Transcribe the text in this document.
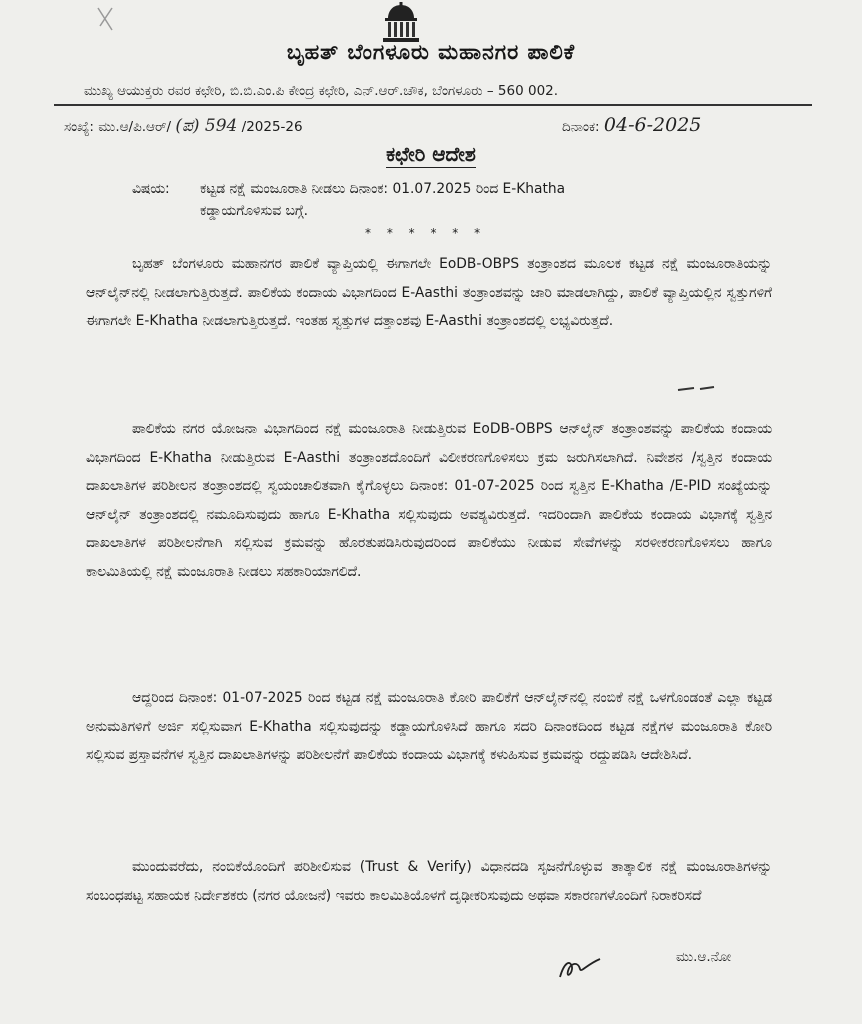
ಬೃಹತ್ ಬೆಂಗಳೂರು ಮಹಾನಗರ ಪಾಲಿಕೆ
ಮುಖ್ಯ ಆಯುಕ್ತರು ರವರ ಕಛೇರಿ, ಬಿ.ಬಿ.ಎಂ.ಪಿ ಕೇಂದ್ರ ಕಛೇರಿ, ಎನ್.ಆರ್.ಚೌಕ, ಬೆಂಗಳೂರು – 560 002.
ಸಂಖ್ಯೆ: ಮು.ಆ/ಪಿ.ಆರ್/ (ಪ) 594 /2025-26	ದಿನಾಂಕ: 04-6-2025
ಕಛೇರಿ ಆದೇಶ
ವಿಷಯ: ಕಟ್ಟಡ ನಕ್ಷೆ ಮಂಜೂರಾತಿ ನೀಡಲು ದಿನಾಂಕ: 01.07.2025 ರಿಂದ E-Khatha
ಕಡ್ಡಾಯಗೊಳಿಸುವ ಬಗ್ಗೆ.
* * * * * *
ಬೃಹತ್ ಬೆಂಗಳೂರು ಮಹಾನಗರ ಪಾಲಿಕೆ ವ್ಯಾಪ್ತಿಯಲ್ಲಿ ಈಗಾಗಲೇ EoDB-OBPS ತಂತ್ರಾಂಶದ ಮೂಲಕ ಕಟ್ಟಡ ನಕ್ಷೆ ಮಂಜೂರಾತಿಯನ್ನು ಆನ್‌ಲೈನ್‌ನಲ್ಲಿ ನೀಡಲಾಗುತ್ತಿರುತ್ತದೆ. ಪಾಲಿಕೆಯ ಕಂದಾಯ ವಿಭಾಗದಿಂದ E-Aasthi ತಂತ್ರಾಂಶವನ್ನು ಜಾರಿ ಮಾಡಲಾಗಿದ್ದು, ಪಾಲಿಕೆ ವ್ಯಾಪ್ತಿಯಲ್ಲಿನ ಸ್ವತ್ತುಗಳಿಗೆ ಈಗಾಗಲೇ E-Khatha ನೀಡಲಾಗುತ್ತಿರುತ್ತದೆ. ಇಂತಹ ಸ್ವತ್ತುಗಳ ದತ್ತಾಂಶವು E-Aasthi ತಂತ್ರಾಂಶದಲ್ಲಿ ಲಭ್ಯವಿರುತ್ತದೆ.
ಪಾಲಿಕೆಯ ನಗರ ಯೋಜನಾ ವಿಭಾಗದಿಂದ ನಕ್ಷೆ ಮಂಜೂರಾತಿ ನೀಡುತ್ತಿರುವ EoDB-OBPS ಆನ್‌ಲೈನ್ ತಂತ್ರಾಂಶವನ್ನು ಪಾಲಿಕೆಯ ಕಂದಾಯ ವಿಭಾಗದಿಂದ E-Khatha ನೀಡುತ್ತಿರುವ E-Aasthi ತಂತ್ರಾಂಶದೊಂದಿಗೆ ವಿಲೀಕರಣಗೊಳಿಸಲು ಕ್ರಮ ಜರುಗಿಸಲಾಗಿದೆ. ನಿವೇಶನ /ಸ್ವತ್ತಿನ ಕಂದಾಯ ದಾಖಲಾತಿಗಳ ಪರಿಶೀಲನ ತಂತ್ರಾಂಶದಲ್ಲಿ ಸ್ವಯಂಚಾಲಿತವಾಗಿ ಕೈಗೊಳ್ಳಲು ದಿನಾಂಕ: 01-07-2025 ರಿಂದ ಸ್ವತ್ತಿನ E-Khatha /E-PID ಸಂಖ್ಯೆಯನ್ನು ಆನ್‌ಲೈನ್ ತಂತ್ರಾಂಶದಲ್ಲಿ ನಮೂದಿಸುವುದು ಹಾಗೂ E-Khatha ಸಲ್ಲಿಸುವುದು ಅವಶ್ಯವಿರುತ್ತದೆ. ಇದರಿಂದಾಗಿ ಪಾಲಿಕೆಯ ಕಂದಾಯ ವಿಭಾಗಕ್ಕೆ ಸ್ವತ್ತಿನ ದಾಖಲಾತಿಗಳ ಪರಿಶೀಲನೆಗಾಗಿ ಸಲ್ಲಿಸುವ ಕ್ರಮವನ್ನು ಹೊರತುಪಡಿಸಿರುವುದರಿಂದ ಪಾಲಿಕೆಯು ನೀಡುವ ಸೇವೆಗಳನ್ನು ಸರಳೀಕರಣಗೊಳಿಸಲು ಹಾಗೂ ಕಾಲಮಿತಿಯಲ್ಲಿ ನಕ್ಷೆ ಮಂಜೂರಾತಿ ನೀಡಲು ಸಹಕಾರಿಯಾಗಲಿದೆ.
ಆದ್ದರಿಂದ ದಿನಾಂಕ: 01-07-2025 ರಿಂದ ಕಟ್ಟಡ ನಕ್ಷೆ ಮಂಜೂರಾತಿ ಕೋರಿ ಪಾಲಿಕೆಗೆ ಆನ್‌ಲೈನ್‌ನಲ್ಲಿ ನಂಬಿಕೆ ನಕ್ಷೆ ಒಳಗೊಂಡಂತೆ ಎಲ್ಲಾ ಕಟ್ಟಡ ಅನುಮತಿಗಳಿಗೆ ಅರ್ಜಿ ಸಲ್ಲಿಸುವಾಗ E-Khatha ಸಲ್ಲಿಸುವುದನ್ನು ಕಡ್ಡಾಯಗೊಳಿಸಿದೆ ಹಾಗೂ ಸದರಿ ದಿನಾಂಕದಿಂದ ಕಟ್ಟಡ ನಕ್ಷೆಗಳ ಮಂಜೂರಾತಿ ಕೋರಿ ಸಲ್ಲಿಸುವ ಪ್ರಸ್ತಾವನೆಗಳ ಸ್ವತ್ತಿನ ದಾಖಲಾತಿಗಳನ್ನು ಪರಿಶೀಲನೆಗೆ ಪಾಲಿಕೆಯ ಕಂದಾಯ ವಿಭಾಗಕ್ಕೆ ಕಳುಹಿಸುವ ಕ್ರಮವನ್ನು ರದ್ದುಪಡಿಸಿ ಆದೇಶಿಸಿದೆ.
ಮುಂದುವರೆದು, ನಂಬಿಕೆಯೊಂದಿಗೆ ಪರಿಶೀಲಿಸುವ (Trust & Verify) ವಿಧಾನದಡಿ ಸೃಜನೆಗೊಳ್ಳುವ ತಾತ್ಕಾಲಿಕ ನಕ್ಷೆ ಮಂಜೂರಾತಿಗಳನ್ನು ಸಂಬಂಧಪಟ್ಟ ಸಹಾಯಕ ನಿರ್ದೇಶಕರು (ನಗರ ಯೋಜನೆ) ಇವರು ಕಾಲಮಿತಿಯೊಳಗೆ ದೃಢೀಕರಿಸುವುದು ಅಥವಾ ಸಕಾರಣಗಳೊಂದಿಗೆ ನಿರಾಕರಿಸದೆ
ಮು.ಆ.ನೋ
